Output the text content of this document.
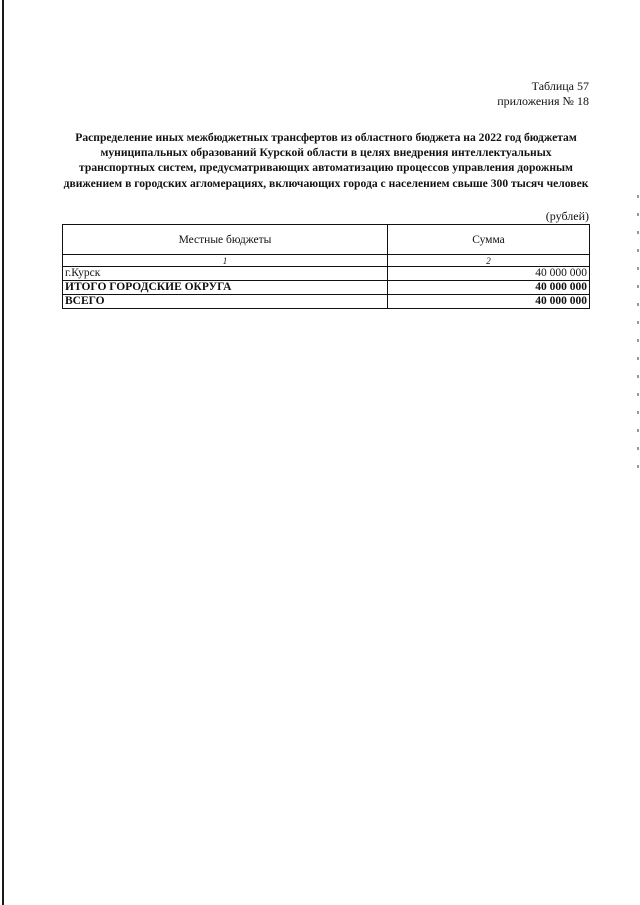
Таблица 57
приложения № 18
Распределение иных межбюджетных трансфертов из областного бюджета на 2022 год бюджетам муниципальных образований Курской области в целях внедрения интеллектуальных транспортных систем, предусматривающих автоматизацию процессов управления дорожным движением в городских агломерациях, включающих города с населением свыше 300 тысяч человек
(рублей)
Местные бюджеты	Сумма
1	2
г.Курск	40 000 000
ИТОГО ГОРОДСКИЕ ОКРУГА	40 000 000
ВСЕГО	40 000 000
